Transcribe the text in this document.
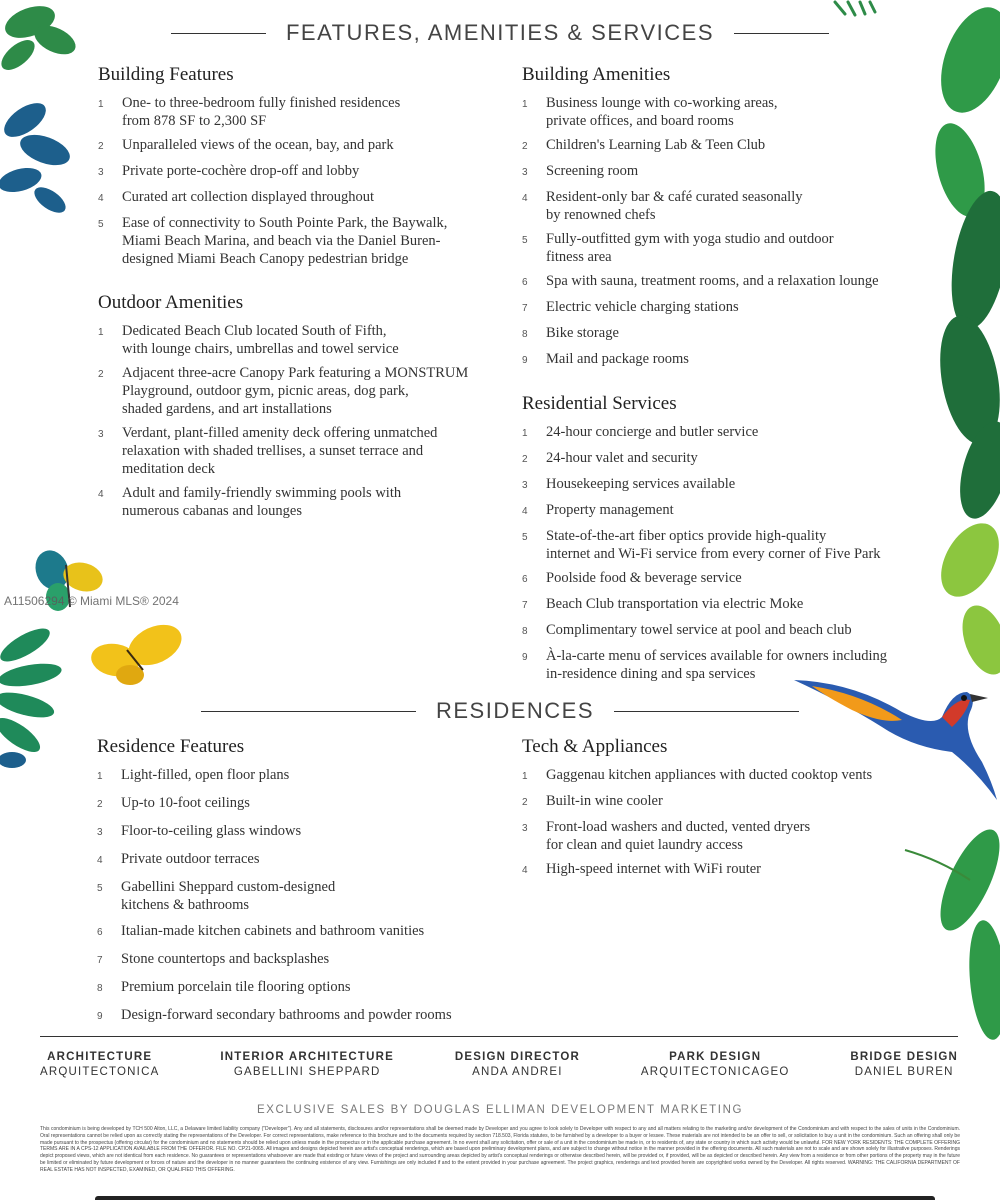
FEATURES, AMENITIES & SERVICES
Building Features
1	One- to three-bedroom fully finished residences
from 878 SF to 2,300 SF
2	Unparalleled views of the ocean, bay, and park
3	Private porte-cochère drop-off and lobby
4	Curated art collection displayed throughout
5	Ease of connectivity to South Pointe Park, the Baywalk,
Miami Beach Marina, and beach via the Daniel Buren-
designed Miami Beach Canopy pedestrian bridge
Outdoor Amenities
1	Dedicated Beach Club located South of Fifth,
with lounge chairs, umbrellas and towel service
2	Adjacent three-acre Canopy Park featuring a MONSTRUM
Playground, outdoor gym, picnic areas, dog park,
shaded gardens, and art installations
3	Verdant, plant-filled amenity deck offering unmatched
relaxation with shaded trellises, a sunset terrace and
meditation deck
4	Adult and family-friendly swimming pools with
numerous cabanas and lounges
Building Amenities
1	Business lounge with co-working areas,
private offices, and board rooms
2	Children's Learning Lab & Teen Club
3	Screening room
4	Resident-only bar & café curated seasonally
by renowned chefs
5	Fully-outfitted gym with yoga studio and outdoor
fitness area
6	Spa with sauna, treatment rooms, and a relaxation lounge
7	Electric vehicle charging stations
8	Bike storage
9	Mail and package rooms
Residential Services
1	24-hour concierge and butler service
2	24-hour valet and security
3	Housekeeping services available
4	Property management
5	State-of-the-art fiber optics provide high-quality
internet and Wi-Fi service from every corner of Five Park
6	Poolside food & beverage service
7	Beach Club transportation via electric Moke
8	Complimentary towel service at pool and beach club
9	À-la-carte menu of services available for owners including
in-residence dining and spa services
RESIDENCES
Residence Features
1	Light-filled, open floor plans
2	Up-to 10-foot ceilings
3	Floor-to-ceiling glass windows
4	Private outdoor terraces
5	Gabellini Sheppard custom-designed
kitchens & bathrooms
6	Italian-made kitchen cabinets and bathroom vanities
7	Stone countertops and backsplashes
8	Premium porcelain tile flooring options
9	Design-forward secondary bathrooms and powder rooms
Tech & Appliances
1	Gaggenau kitchen appliances with ducted cooktop vents
2	Built-in wine cooler
3	Front-load washers and ducted, vented dryers
for clean and quiet laundry access
4	High-speed internet with WiFi router
ARCHITECTURE
ARQUITECTONICA
INTERIOR ARCHITECTURE
GABELLINI SHEPPARD
DESIGN DIRECTOR
ANDA ANDREI
PARK DESIGN
ARQUITECTONICAGEO
BRIDGE DESIGN
DANIEL BUREN
EXCLUSIVE SALES BY DOUGLAS ELLIMAN DEVELOPMENT MARKETING
This condominium is being developed by TCH 500 Alton, LLC, a Delaware limited liability company ("Developer"). Any and all statements, disclosures and/or representations shall be deemed made by Developer and you agree to look solely to Developer with respect to any and all matters relating to the marketing and/or development of the Condominium and with respect to the sales of units in the Condominium. Oral representations cannot be relied upon as correctly stating the representations of the Developer. For correct representations, make reference to this brochure and to the documents required by section 718.503, Florida statutes, to be furnished by a developer to a buyer or lessee. These materials are not intended to be an offer to sell, or solicitation to buy a unit in the condominium. Such an offering shall only be made pursuant to the prospectus (offering circular) for the condominium and no statements should be relied upon unless made in the prospectus or in the applicable purchase agreement. In no event shall any solicitation, offer or sale of a unit in the condominium be made in, or to residents of, any state or country in which such activity would be unlawful. FOR NEW YORK RESIDENTS: THE COMPLETE OFFERING TERMS ARE IN A CPS-12 APPLICATION AVAILABLE FROM THE OFFEROR. FILE NO. CP21-0065. All images and designs depicted herein are artist's conceptual renderings, which are based upon preliminary development plans, and are subject to change without notice in the manner provided in the offering documents. All such materials are not to scale and are shown solely for illustrative purposes. Renderings depict proposed views, which are not identical from each residence. No guarantees or representations whatsoever are made that existing or future views of the project and surrounding areas depicted by artist's conceptual renderings or otherwise described herein, will be provided or, if provided, will be as depicted or described herein. Any view from a residence or from other portions of the property may in the future be limited or eliminated by future development or forces of nature and the developer in no manner guarantees the continuing existence of any view. Furnishings are only included if and to the extent provided in your purchase agreement. The project graphics, renderings and text provided herein are copyrighted works owned by the Developer. All rights reserved. WARNING: THE CALIFORNIA DEPARTMENT OF REAL ESTATE HAS NOT INSPECTED, EXAMINED, OR QUALIFIED THIS OFFERING.
A11506294 © Miami MLS® 2024
